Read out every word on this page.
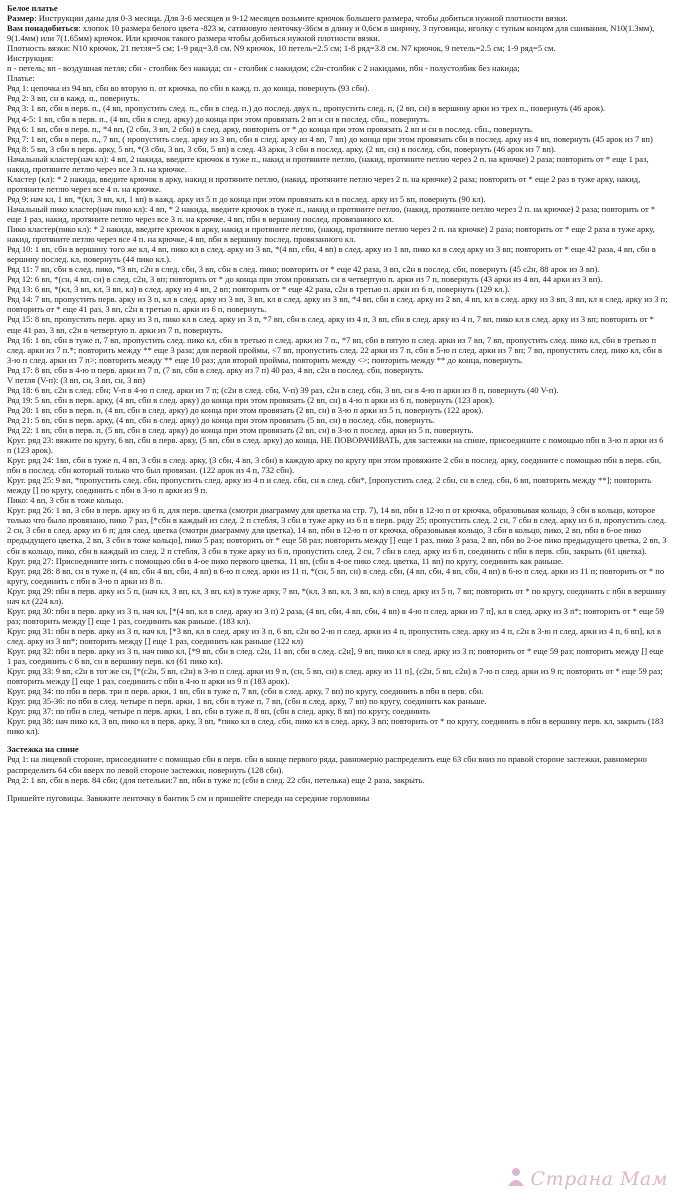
Белое платье

Размер: Инструкции даны для 0-3 месяца. Для 3-6 месяцев и 9-12 месяцев возьмите крючок большего размера, чтобы добиться нужной плотности вязки.

Вам понадобиться: хлопок 10 размера белого цвета -823 м, сатиновую ленточку-36см в длину и 0,6см в ширину, 3 пуговицы, иголку с тупым концом для сшивания, N10(1.3мм), 9(1.4мм) или 7(1.65мм) крючок. Или крючок такого размера чтобы добиться нужной плотности вязки.

Плотность вязки: N10 крючок, 21 петля=5 см; 1-9 ряд=3.8 см. N9 крючок, 10 петель=2.5 см; 1-8 ряд=3.8 см. N7 крючок, 9 петель=2.5 см; 1-9 ряд=5 см.

Инструкция:

п - петель; вп - воздушная петля; сбн - столбик без накида; сн - столбик с накидом; с2н-столбик с 2 накидами, пбн - полустолбик без накида;

Платье:

Ряд 1: цепочка из 94 вп, сбн во вторую п. от крючка, по сбн в кажд. п. до конца, повернуть (93 сбн).

Ряд 2: 3 вп, сн в кажд. п., повернуть.

Ряд 3: 1 вп, сбн в перв. п., (4 вп, пропустить след. п., сбн в след. п.) до послед. двух п., пропустить след. п, (2 вп, сн) в вершину арки из трех п., повернуть (46 арок).

Ряд 4-5: 1 вп, сбн в перв. п., (4 вп, сбн в след. арку) до конца при этом провязать 2 вп и сн в послед. сбн., повернуть.

Ряд 6: 1 вп, сбн в перв. п., *4 вп, (2 сбн, 3 вп, 2 сбн) в след. арку, повторить от * до конца при этом провязать 2 вп и сн в послед. сбн., повернуть.

Ряд 7: 1 вп, сбн в перв. п., 7 вп, ( пропустить след. арку из 3 вп, сбн в след. арку из 4 вп, 7 вп) до конца при этом провязать сбн в послед. арку из 4 вп, повернуть (45 арок из 7 вп)

Ряд 8: 5 вп, 3 сбн в перв. арку, 5 вп, *(3 сбн, 3 вп, 3 сбн, 5 вп) в след. 43 арки, 3 сбн в послед. арку, (2 вп, сн) в послед. сбн, повернуть (46 арок из 7 вп).

Начальный кластер(нач кл): 4 вп, 2 накида, введите крючок в туже п., накид и протяните петлю, (накид, протяните петлю через 2 п. на крючке) 2 раза; повторить от * еще 1 раз, накид, протяните петлю через все 3 п. на крючке.

Кластер (кл): * 2 накида, введите крючок в арку, накид и протяните петлю, (накид, протяните петлю через 2 п. на крючке) 2 раза; повторить от * еще 2 раз в туже арку, накид, протяните петлю через все 4 п. на крючке.

Ряд 9: нач кл, 1 вп, *(кл, 3 вп, кл, 1 вп) в кажд. арку из 5 п до конца при этом провязать кл в послед. арку из 5 вп, повернуть (90 кл).

Начальный пико кластер(нач пико кл): 4 вп, * 2 накида, введите крючок в туже п., накид и протяните петлю, (накид, протяните петлю через 2 п. на крючке) 2 раза; повторить от * еще 1 раз, накид, протяните петлю через все 3 п. на крючке, 4 вп, пбн в вершину послед. провязанного кл.

Пико кластер(пико кл): * 2 накида, введите крючок в арку, накид и протяните петлю, (накид, протяните петлю через 2 п. на крючке) 2 раза; повторить от * еще 2 раза в туже арку, накид, протяните петлю через все 4 п. на крючке, 4 вп, пбн в вершину послед. провязанного кл.

Ряд 10: 1 вп, сбн в вершину того же кл, 4 вп, пико кл в след. арку из 3 вп, *(4 вп, сбн, 4 вп) в след. арку из 1 вп, пико кл в след арку из 3 вп; повторить от * еще 42 раза, 4 вп, сбн в вершину послед. кл, повернуть (44 пико кл.).

Ряд 11: 7 вп, сбн в след. пико, *3 вп, с2н в след. сбн, 3 вп, сбн в след. пико; повторить от * еще 42 раза, 3 вп, с2н в послед. сбн, повернуть (45 с2н, 88 арок из 3 вп).

Ряд 12: 6 вп, *(сн, 4 вп, сн) в след. с2н, 3 вп; повторить от * до конца при этом провязать сн в четвертую п. арки из 7 п, повернуть (43 арки из 4 вп, 44 арки из 3 вп).

Ряд 13: 6 вп, *(кл, 3 вп, кл, 3 вп, кл) в след. арку из 4 вп, 2 вп; повторить от * еще 42 раза, с2н в третью п. арки из 6 п, повернуть (129 кл.).

Ряд 14: 7 вп, пропустить перв. арку из 3 п, кл в след. арку из 3 вп, 3 вп, кл в след. арку из 3 вп, *4 вп, сбн в след. арку из 2 вп, 4 вп, кл в след. арку из 3 вп, 3 вп, кл в след. арку из 3 п; повторить от * еще 41 раз, 3 вп, с2н в третью п. арки из 6 п, повернуть.

Ряд 15: 8 вп, пропустить перв. арку из 3 п, пико кл в след. арку из 3 п, *7 вп, сбн в след. арку из 4 п, 3 вп, сбн в след. арку из 4 п, 7 вп, пико кл в след. арку из 3 вп; повторить от * еще 41 раз, 3 вп, с2н в четвертую п. арки из 7 п, повернуть.

Ряд 16: 1 вп, сбн в туже п, 7 вп, пропустить след. пико кл, сбн в третью п след. арки из 7 п., *7 вп, сбн в пятую п след. арки из 7 вп, 7 вп, пропустить след. пико кл, сбн в третью п след. арки из 7 п.*; повторить между ** еще 3 раза; для первой проймы, <7 вп, пропустить след. 22 арки из 7 п, сбн в 5-ю п след. арки из 7 вп; 7 вп, пропустить след. пико кл, сбн в 3-ю п след. арки из 7 п>; повторить между ** еще 10 раз; для второй проймы, повторить между <>; повторить между ** до конца, повернуть.

Ряд 17: 8 вп, сбн в 4-ю п перв. арки из 7 п, (7 вп, сбн в след. арку из 7 п) 40 раз, 4 вп, с2н в послед. сбн, повернуть.

V петля (V-п): (3 вп, сн, 3 вп, сн, 3 вп)

Ряд 18: 6 вп, с2н в след. сбн; V-п в 4-ю п след. арки из 7 п; (с2н в след. сбн, V-п) 39 раз, с2н в след. сбн, 3 вп, сн в 4-ю п арки из 8 п, повернуть (40 V-п).

Ряд 19: 5 вп, сбн в перв. арку, (4 вп, сбн в след. арку) до конца при этом провязать (2 вп, сн) в 4-ю п арки из 6 п, повернуть (123 арок).

Ряд 20: 1 вп, сбн в перв. п, (4 вп, сбн в след. арку) до конца при этом провязать (2 вп, сн) в 3-ю п арки из 5 п, повернуть (122 арок).

Ряд 21: 5 вп, сбн в перв. арку, (4 вп, сбн в след. арку) до конца при этом провязать (5 вп, сн) в послед. сбн, повернуть.

Ряд 22: 1 вп, сбн в перв. п, (5 вп, сбн в след. арку) до конца при этом провязать (2 вп, сн) в 3-ю п послед. арки из 5 п, повернуть.

Круг. ряд 23: вяжите по кругу, 6 вп, сбн в перв. арку, (5 вп, сбн в след. арку) до конца, НЕ ПОВОРАЧИВАТЬ, для застежки на спине, присоедините с помощью пбн в 3-ю п арки из 6 п (123 арок).

Круг. ряд 24: 1вп, сбн в туже п, 4 вп, 3 сбн в след. арку, (3 сбн, 4 вп, 3 сбн) в каждую арку по кругу при этом провяжите 2 сбн в послед. арку, соедините с помощью пбн в перв. сбн, пбн в послед. сбн который только что был провязан. (122 арок из 4 п, 732 сбн).

Круг. ряд 25: 9 вп, *пропустить след. сбн, пропустить след. арку из 4 п и след. сбн, сн в след. сбн*, [пропустить след. 2 сбн, сн в след. сбн, 6 вп, повторить между **]; повторить между [] по кругу, соединить с пбн в 3-ю п арки из 9 п.

Пико: 4 вп, 3 сбн в тоже кольцо.

Круг. ряд 26: 1 вп, 3 сбн в перв. арку из 6 п, для перв. цветка (смотри диаграмму для цветка на стр. 7), 14 вп, пбн в 12-ю п от крючка, образовывая кольцо, 3 сбн в кольцо, которое только что было провязано, пико 7 раз, [*сбн в каждый из след. 2 п стебля, 3 сбн в туже арку из 6 п в перв. ряду 25; пропустить след. 2 сн, 7 сбн в след. арку из 6 п, пропустить след. 2 сн, 3 сбн в след. арку из 6 п; для след. цветка (смотри диаграмму для цветка), 14 вп, пбн в 12-ю п от крючка, образовывая кольцо, 3 сбн в кольцо, пико, 2 вп, пбн в 6-ое пико предыдущего цветка, 2 вп, 3 сбн в тоже кольцо], пико 5 раз; повторить от * еще 58 раз; повторить между [] еще 1 раз, пико 3 раза, 2 вп, пбн во 2-ое пико предыдущего цветка, 2 вп, 3 сбн в кольцо, пико, сбн в каждый из след. 2 п стебля, 3 сбн в туже арку из 6 п, пропустить след. 2 сн, 7 сбн в след. арку из 6 п, соединить с пбн в перв. сбн, закрыть (61 цветка).

Круг. ряд 27: Присоедините нить с помощью сбн в 4-ое пико первого цветка, 11 вп, (сбн в 4-ое пико след. цветка, 11 вп) по кругу, соединить как раньше.

Круг. ряд 28: 8 вп, сн в туже п, (4 вп, сбн 4 вп, сбн, 4 вп) в 6-ю п след. арки из 11 п, *(сн, 5 вп, сн) в след. сбн, (4 вп, сбн, 4 вп, сбн, 4 вп) в 6-ю п след. арки из 11 п; повторить от * по кругу, соединить с пбн в 3-ю п арки из 8 п.

Круг. ряд 29: пбн в перв. арку из 5 п, (нач кл, 3 вп, кл, 3 вп, кл) в туже арку, 7 вп, *(кл, 3 вп, кл, 3 вп, кл) в след. арку из 5 п, 7 вп; повторить от * по кругу, соединить с пбн в вершину нач кл (224 кл).

Круг. ряд 30: пбн в перв. арку из 3 п, нач кл, [*(4 вп, кл в след. арку из 3 п) 2 раза, (4 вп, сбн, 4 вп, сбн, 4 вп) в 4-ю п след. арки из 7 п], кл в след. арку из 3 п*; повторить от * еще 59 раз; повторить между [] еще 1 раз, соединить как раньше. (183 кл).

Круг. ряд 31: пбн в перв. арку из 3 п, нач кл, [*3 вп, кл в след. арку из 3 п, 6 вп, с2н во 2-ю п след. арки из 4 п, пропустить след. арку из 4 п, с2н в 3-ю п след. арки из 4 п, 6 вп], кл в след. арку из 3 вп*; повторить между [] еще 1 раз, соединить как раньше (122 кл)

Круг. ряд 32: пбн в перв. арку из 3 п, нач пико кл, [*9 вп, сбн в след. с2н, 11 вп, сбн в след. с2н], 9 вп, пико кл в след. арку из 3 п; повторить от * еще 59 раз; повторить между [] еще 1 раз, соединить с 6 вп, сн в вершину перв. кл (61 пико кл).

Круг. ряд 33: 9 вп, с2н в тот же сн, [*(с2н, 5 вп, с2н) в 3-ю п след. арки из 9 п, (сн, 5 вп, сн) в след. арку из 11 п], (с2н, 5 вп, с2н) в 7-ю п след. арки из 9 п; повторить от * еще 59 раз; повторить между [] еще 1 раз, соединить с пбн в 4-ю п арки из 9 п (183 арок).

Круг. ряд 34: по пбн в перв. три п перв. арки, 1 вп, сбн в туже п, 7 вп, (сбн в след. арку, 7 вп) по кругу, соединить в пбн в перв. сбн.

Круг. ряд 35-36: по пбн в след. четыре п перв. арки, 1 вп, сбн в туже п, 7 вп, (сбн в след. арку, 7 вп) по кругу, соединить как раньше.

Круг. ряд 37: по пбн в след. четыре п перв. арки, 1 вп, сбн в туже п, 8 вп, (сбн в след. арку, 8 вп) по кругу, соединить

Круг. ряд 38: нач пико кл, 3 вп, пико кл в перв. арку, 3 вп, *пико кл в след. сбн, пико кл в след. арку, 3 вп; повторить от * по кругу, соединить в пбн в вершину перв. кл, закрыть (183 пико кл).

Застежка на спине

Ряд 1: на лицевой стороне, присоедините с помощью сбн в перв. сбн в конце первого ряда, равномерно распределить еще 63 сбн вниз по правой стороне застежки, равномерно распределить 64 сбн вверх по левой стороне застежки, повернуть (128 сбн).

Ряд 2: 1 вп, сбн в перв. 84 сбн; (для петельки:7 вп, пбн в туже п; (сбн в след. 22 сбн, петелька) еще 2 раза, закрыть.

Пришейте пуговицы. Завяжите ленточку в бантик 5 см и пришейте спереди на середине горловины

Страна Мам
